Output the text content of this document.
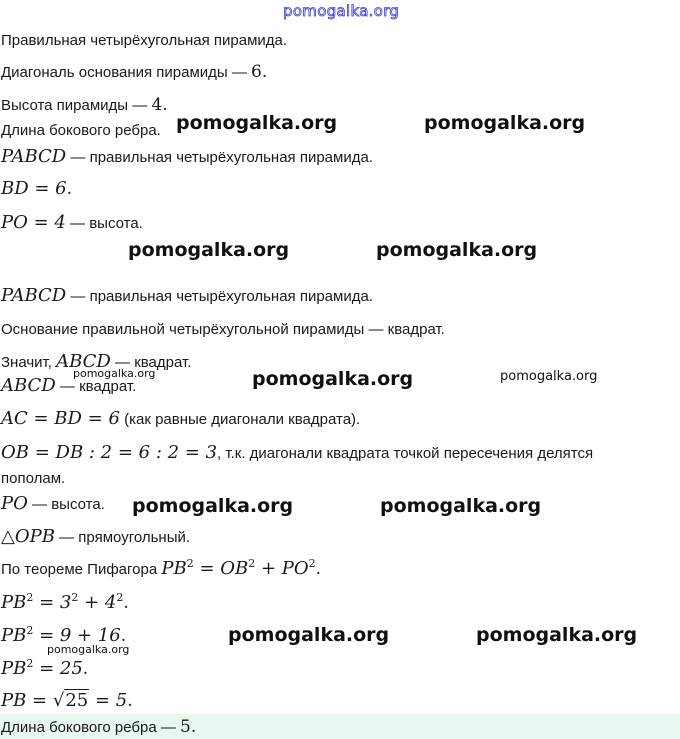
pomogalka.org
Правильная четырёхугольная пирамида.
Диагональ основания пирамиды — 6.
Высота пирамиды — 4.
Длина бокового ребра.
PABCD — правильная четырёхугольная пирамида.
BD = 6.
PO = 4 — высота.
PABCD — правильная четырёхугольная пирамида.
Основание правильной четырёхугольной пирамиды — квадрат.
Значит, ABCD — квадрат.
ABCD — квадрат.
AC = BD = 6 (как равные диагонали квадрата).
OB = DB : 2 = 6 : 2 = 3, т.к. диагонали квадрата точкой пересечения делятся
пополам.
PO — высота.
△OPB — прямоугольный.
По теореме Пифагора $PB^2 = OB^2 + PO^2$.
$PB^2 = 3^2 + 4^2$.
$PB^2 = 9 + 16$.
$PB^2 = 25$.
PB = √25 = 5.
Длина бокового ребра — 5.
pomogalka.org	pomogalka.org
pomogalka.org	pomogalka.org
pomogalka.org	pomogalka.org
pomogalka.org
pomogalka.org	pomogalka.org
pomogalka.org	pomogalka.org
pomogalka.org
